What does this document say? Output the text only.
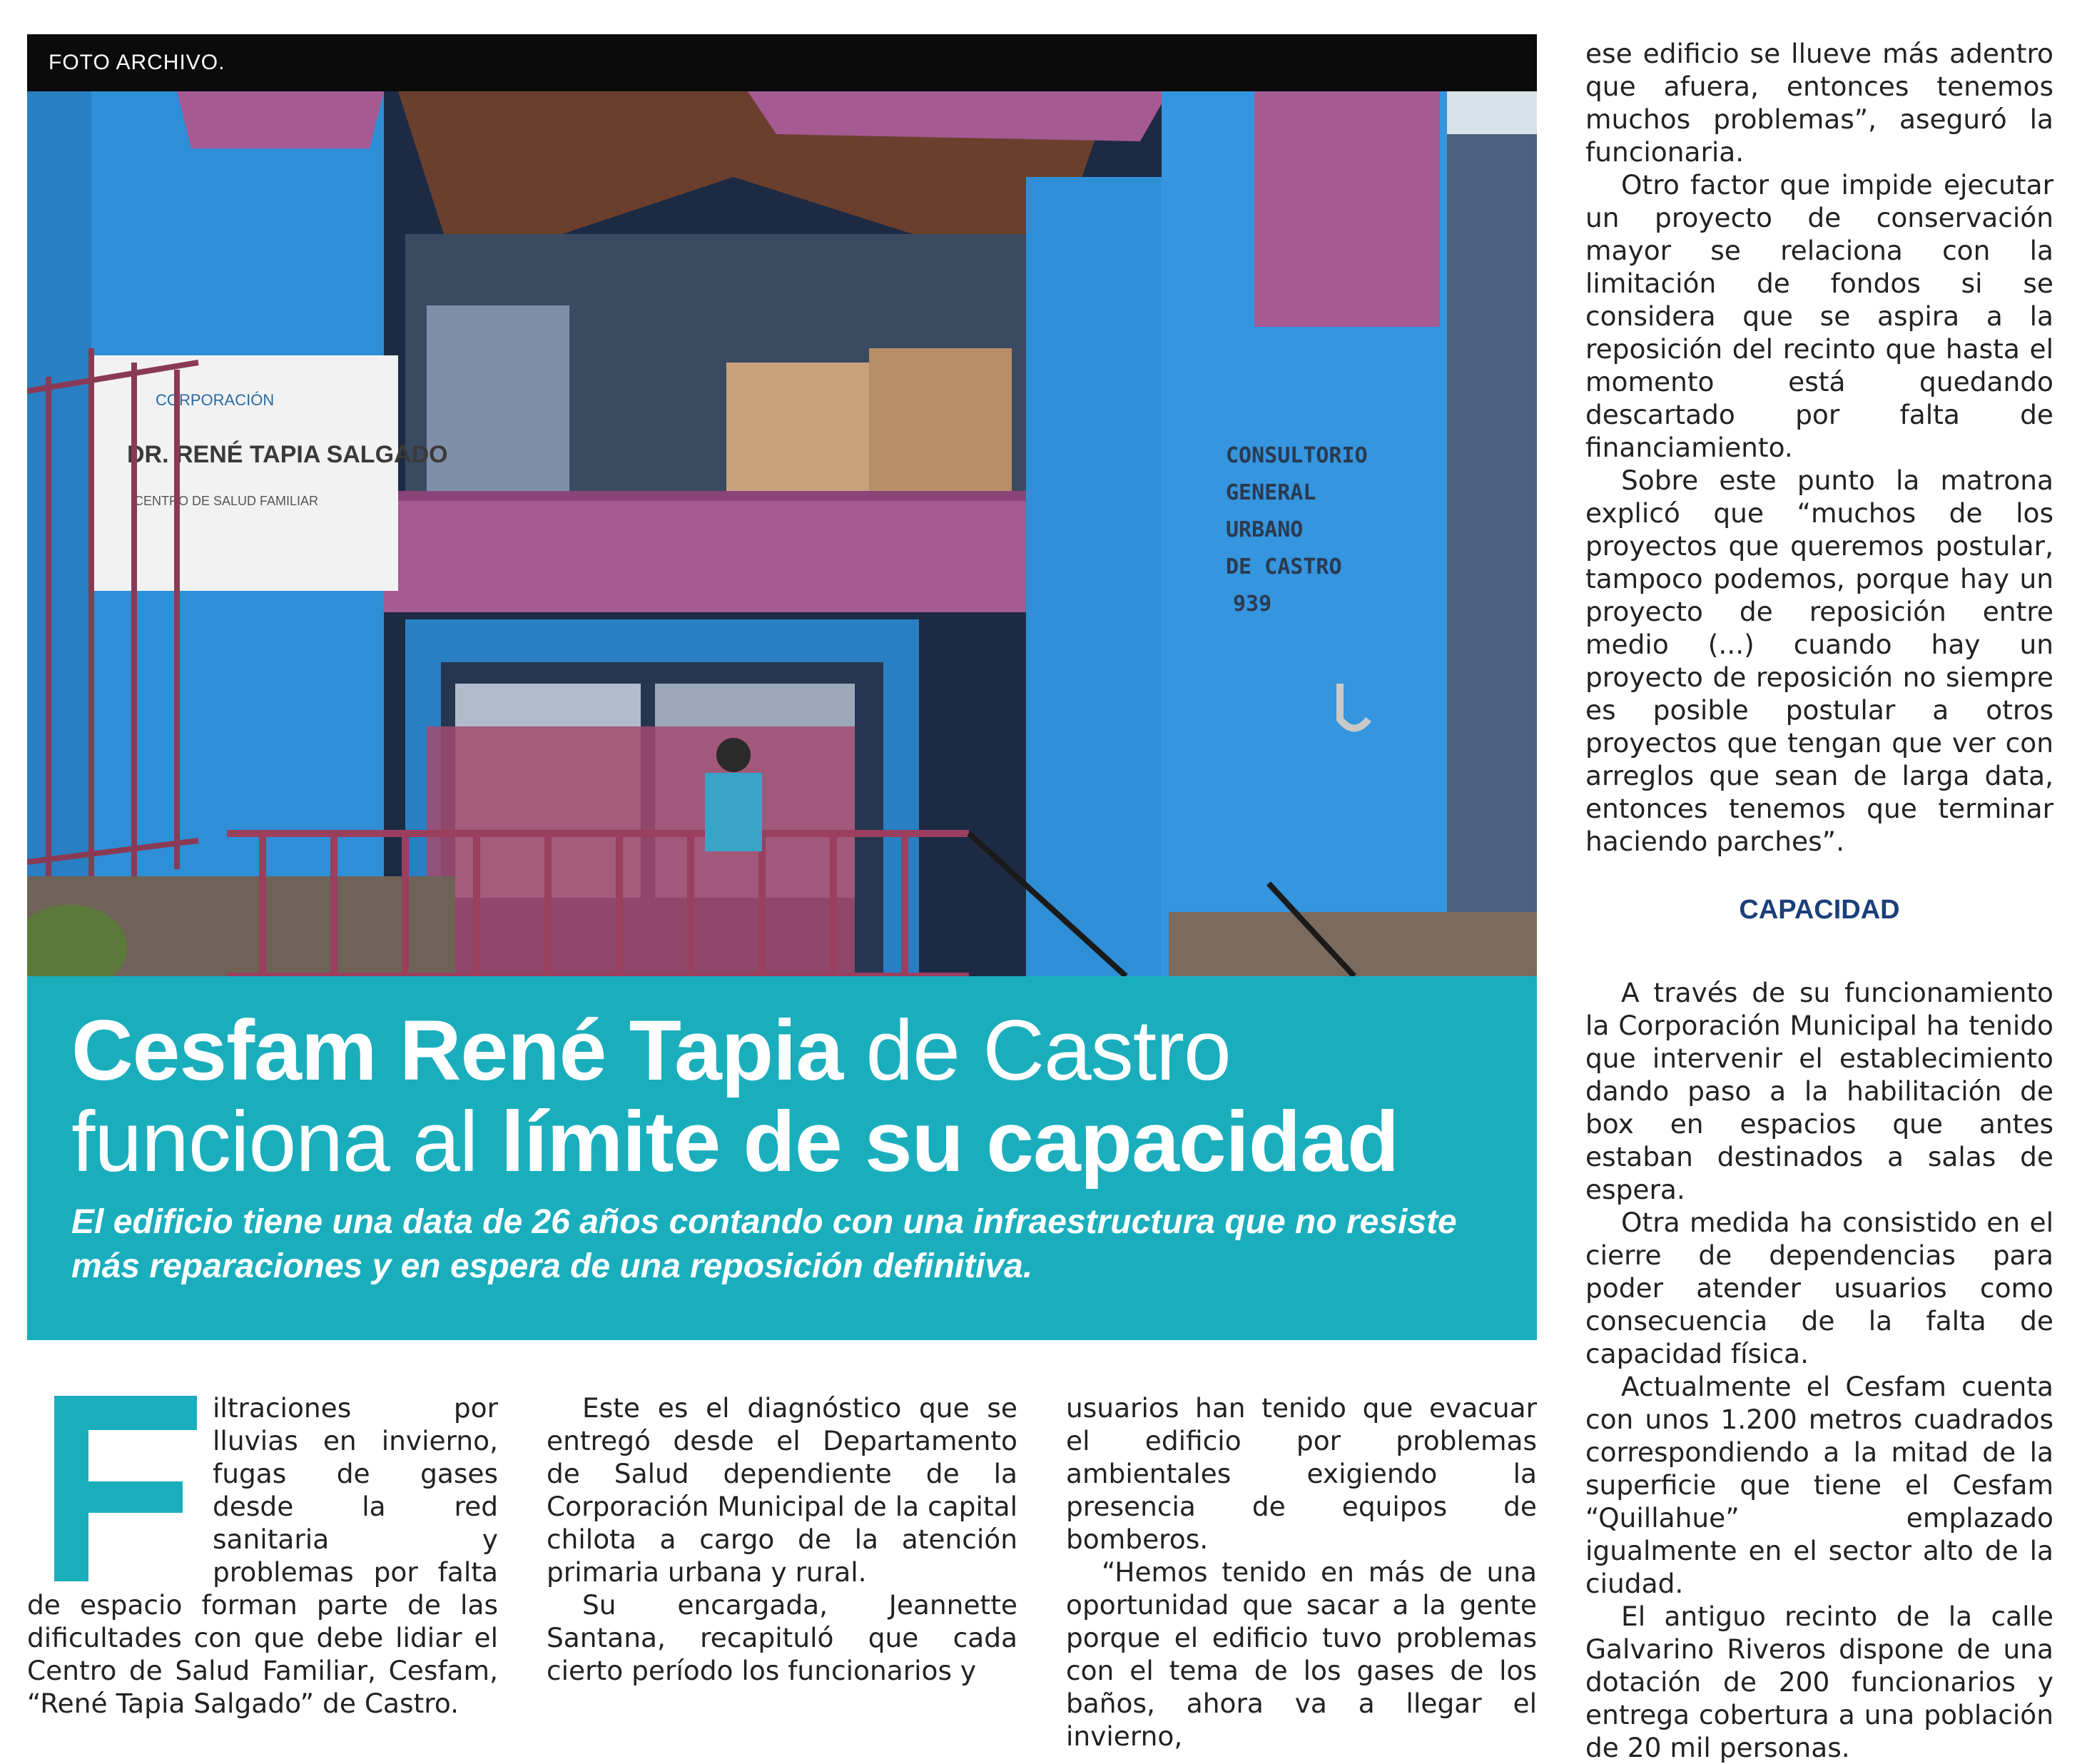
FOTO ARCHIVO.
DR. RENÉ TAPIA SALGADO
CORPORACIÓN
CENTRO DE SALUD FAMILIAR
CONSULTORIO
GENERAL
URBANO
DE CASTRO
939
Cesfam René Tapia de Castro
funciona al límite de su capacidad
El edificio tiene una data de 26 años contando con una infraestructura que no resiste más reparaciones y en espera de una reposición definitiva.

iltraciones por lluvias en invierno, fugas de gases desde la red sanitaria y problemas por falta de espacio forman parte de las dificultades con que debe lidiar el Centro de Salud Familiar, Cesfam, “René Tapia Salgado” de Castro.

Este es el diagnóstico que se entregó desde el Departamento de Salud dependiente de la Corporación Municipal de la capital chilota a cargo de la atención primaria urbana y rural.

Su encargada, Jeannette Santana, recapituló que cada cierto período los funcionarios y

usuarios han tenido que evacuar el edificio por problemas ambientales exigiendo la presencia de equipos de bomberos.

“Hemos tenido en más de una oportunidad que sacar a la gente porque el edificio tuvo problemas con el tema de los gases de los baños, ahora va a llegar el invierno,

ese edificio se llueve más adentro que afuera, entonces tenemos muchos problemas”, aseguró la funcionaria.

Otro factor que impide ejecutar un proyecto de conservación mayor se relaciona con la limitación de fondos si se considera que se aspira a la reposición del recinto que hasta el momento está quedando descartado por falta de financiamiento.

Sobre este punto la matrona explicó que “muchos de los proyectos que queremos postular, tampoco podemos, porque hay un proyecto de reposición entre medio (...) cuando hay un proyecto de reposición no siempre es posible postular a otros proyectos que tengan que ver con arreglos que sean de larga data, entonces tenemos que terminar haciendo parches”.

CAPACIDAD

A través de su funcionamiento la Corporación Municipal ha tenido que intervenir el establecimiento dando paso a la habilitación de box en espacios que antes estaban destinados a salas de espera.

Otra medida ha consistido en el cierre de dependencias para poder atender usuarios como consecuencia de la falta de capacidad física.

Actualmente el Cesfam cuenta con unos 1.200 metros cuadrados correspondiendo a la mitad de la superficie que tiene el Cesfam “Quillahue” emplazado igualmente en el sector alto de la ciudad.

El antiguo recinto de la calle Galvarino Riveros dispone de una dotación de 200 funcionarios y entrega cobertura a una población de 20 mil personas.
